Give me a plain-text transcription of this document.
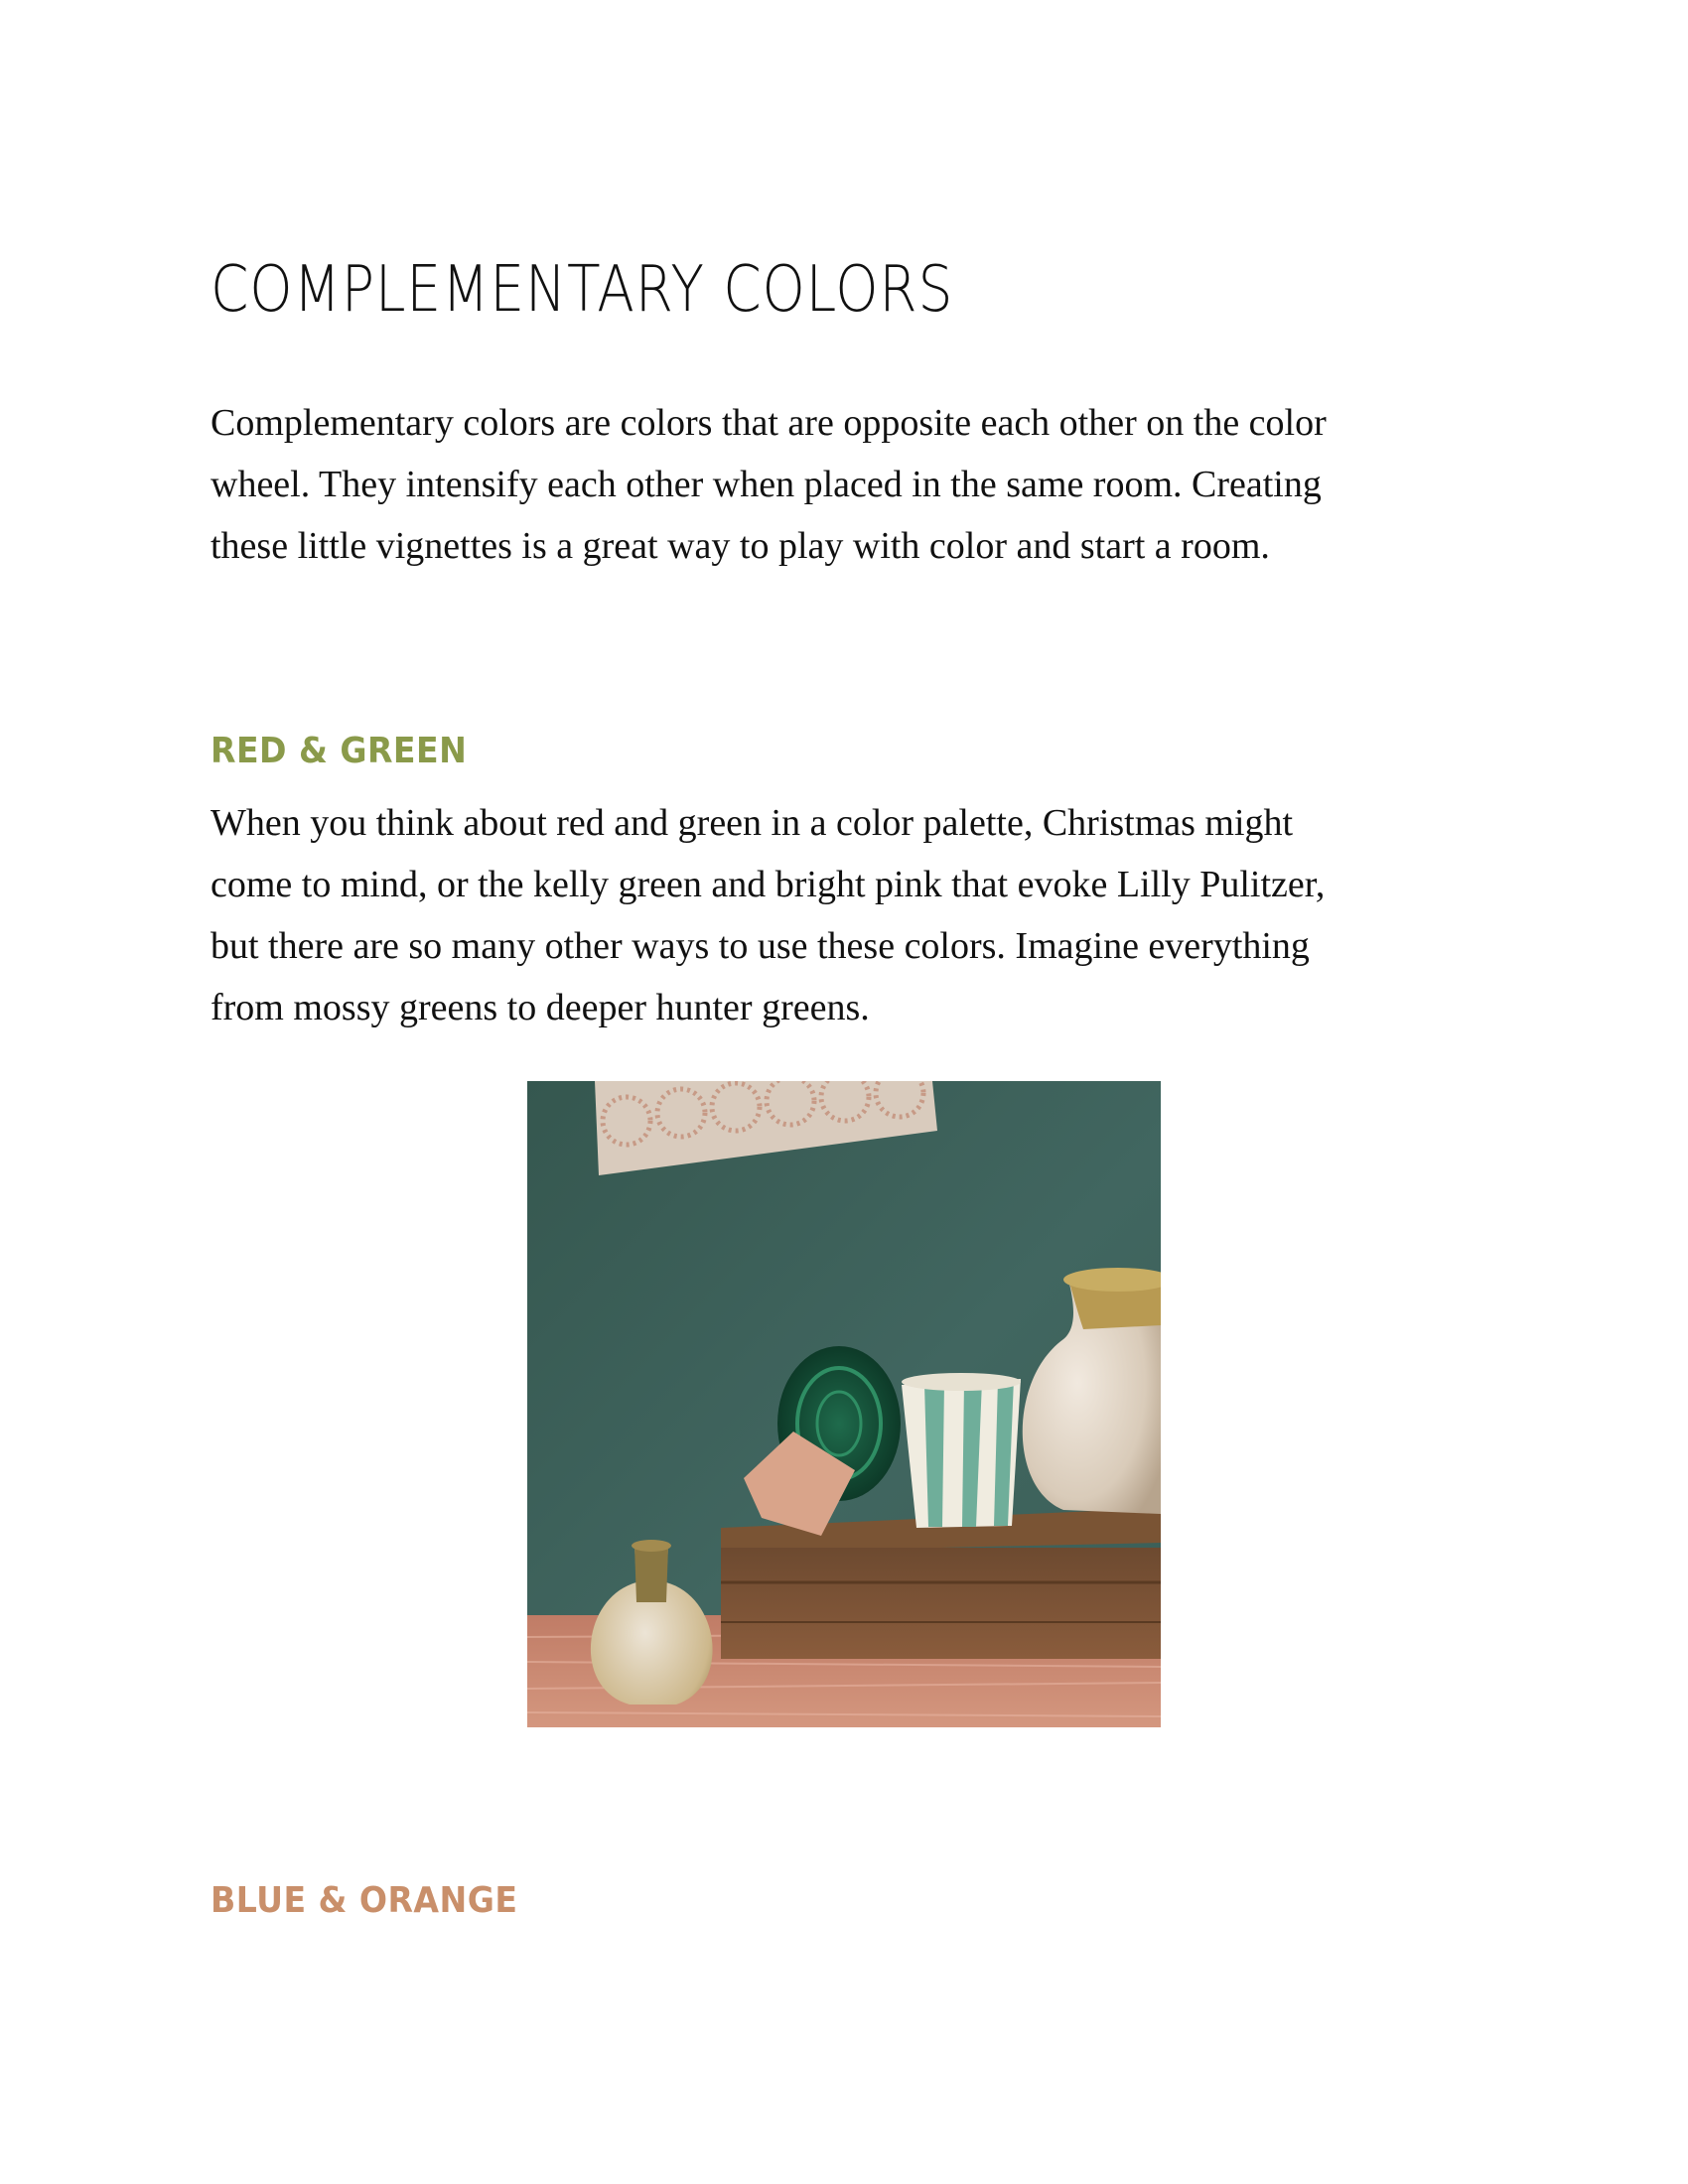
COMPLEMENTARY COLORS
Complementary colors are colors that are opposite each other on the color
wheel. They intensify each other when placed in the same room. Creating
these little vignettes is a great way to play with color and start a room.
RED & GREEN
When you think about red and green in a color palette, Christmas might
come to mind, or the kelly green and bright pink that evoke Lilly Pulitzer,
but there are so many other ways to use these colors. Imagine everything
from mossy greens to deeper hunter greens.
BLUE & ORANGE
